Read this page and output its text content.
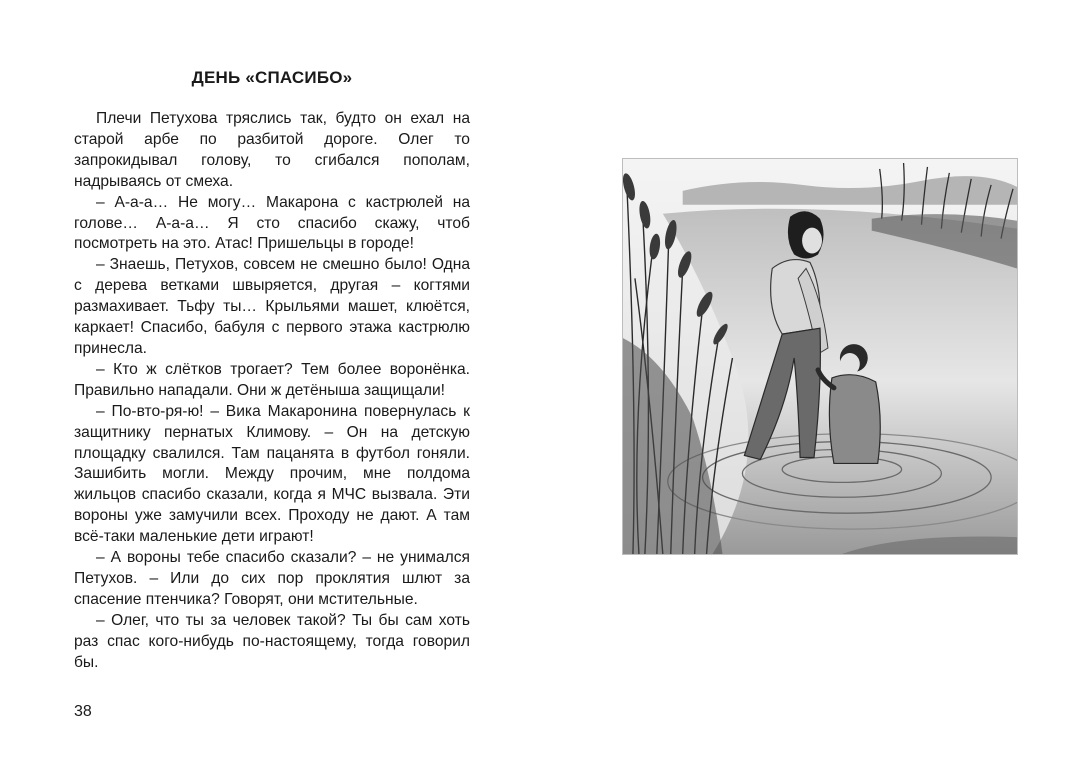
ДЕНЬ «СПАСИБО»

Плечи Петухова тряслись так, будто он ехал на старой арбе по разбитой дороге. Олег то запрокидывал голову, то сгибался пополам, надрываясь от смеха.

– А-а-а… Не могу… Макарона с кастрюлей на голове… А-а-а… Я сто спасибо скажу, чтоб посмотреть на это. Атас! Пришельцы в городе!

– Знаешь, Петухов, совсем не смешно было! Одна с дерева ветками швыряется, другая – когтями размахивает. Тьфу ты… Крыльями машет, клюётся, каркает! Спасибо, бабуля с первого этажа кастрюлю принесла.

– Кто ж слётков трогает? Тем более воронёнка. Правильно нападали. Они ж детёныша защищали!

– По-вто-ря-ю! – Вика Макаронина повернулась к защитнику пернатых Климову. – Он на детскую площадку свалился. Там пацанята в футбол гоняли. Зашибить могли. Между прочим, мне полдома жильцов спасибо сказали, когда я МЧС вызвала. Эти вороны уже замучили всех. Проходу не дают. А там всё-таки маленькие дети играют!

– А вороны тебе спасибо сказали? – не унимался Петухов. – Или до сих пор проклятия шлют за спасение птенчика? Говорят, они мстительные.

– Олег, что ты за человек такой? Ты бы сам хоть раз спас кого-нибудь по-настоящему, тогда говорил бы.

38
